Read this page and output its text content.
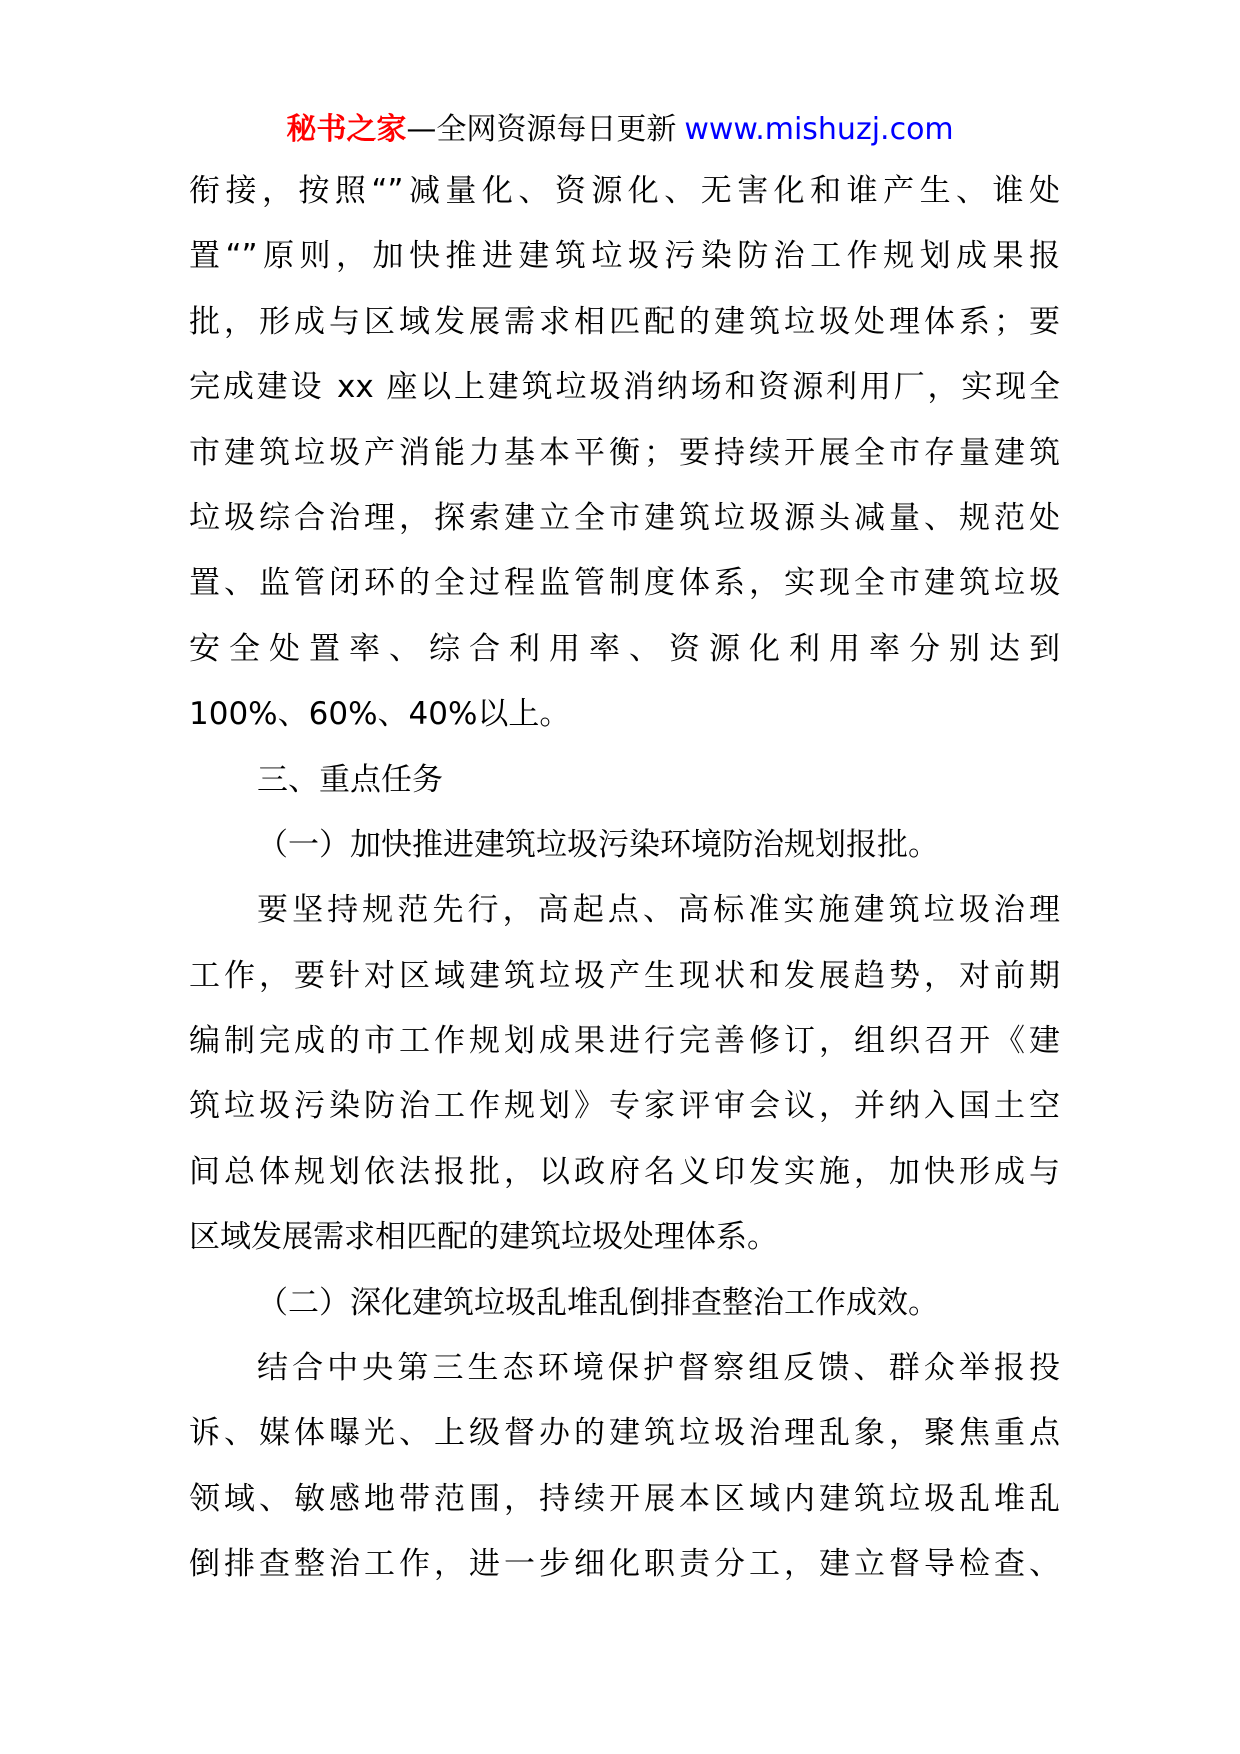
秘书之家—全网资源每日更新 www.mishuzj.com
衔接，按照“”减量化、资源化、无害化和谁产生、谁处
置“”原则，加快推进建筑垃圾污染防治工作规划成果报
批，形成与区域发展需求相匹配的建筑垃圾处理体系；要
完成建设 xx 座以上建筑垃圾消纳场和资源利用厂，实现全
市建筑垃圾产消能力基本平衡；要持续开展全市存量建筑
垃圾综合治理，探索建立全市建筑垃圾源头减量、规范处
置、监管闭环的全过程监管制度体系，实现全市建筑垃圾
安全处置率、综合利用率、资源化利用率分别达到
100%、60%、40%以上。
三、重点任务
（一）加快推进建筑垃圾污染环境防治规划报批。
要坚持规范先行，高起点、高标准实施建筑垃圾治理
工作，要针对区域建筑垃圾产生现状和发展趋势，对前期
编制完成的市工作规划成果进行完善修订，组织召开《建
筑垃圾污染防治工作规划》专家评审会议，并纳入国土空
间总体规划依法报批，以政府名义印发实施，加快形成与
区域发展需求相匹配的建筑垃圾处理体系。
（二）深化建筑垃圾乱堆乱倒排查整治工作成效。
结合中央第三生态环境保护督察组反馈、群众举报投
诉、媒体曝光、上级督办的建筑垃圾治理乱象，聚焦重点
领域、敏感地带范围，持续开展本区域内建筑垃圾乱堆乱
倒排查整治工作，进一步细化职责分工，建立督导检查、
